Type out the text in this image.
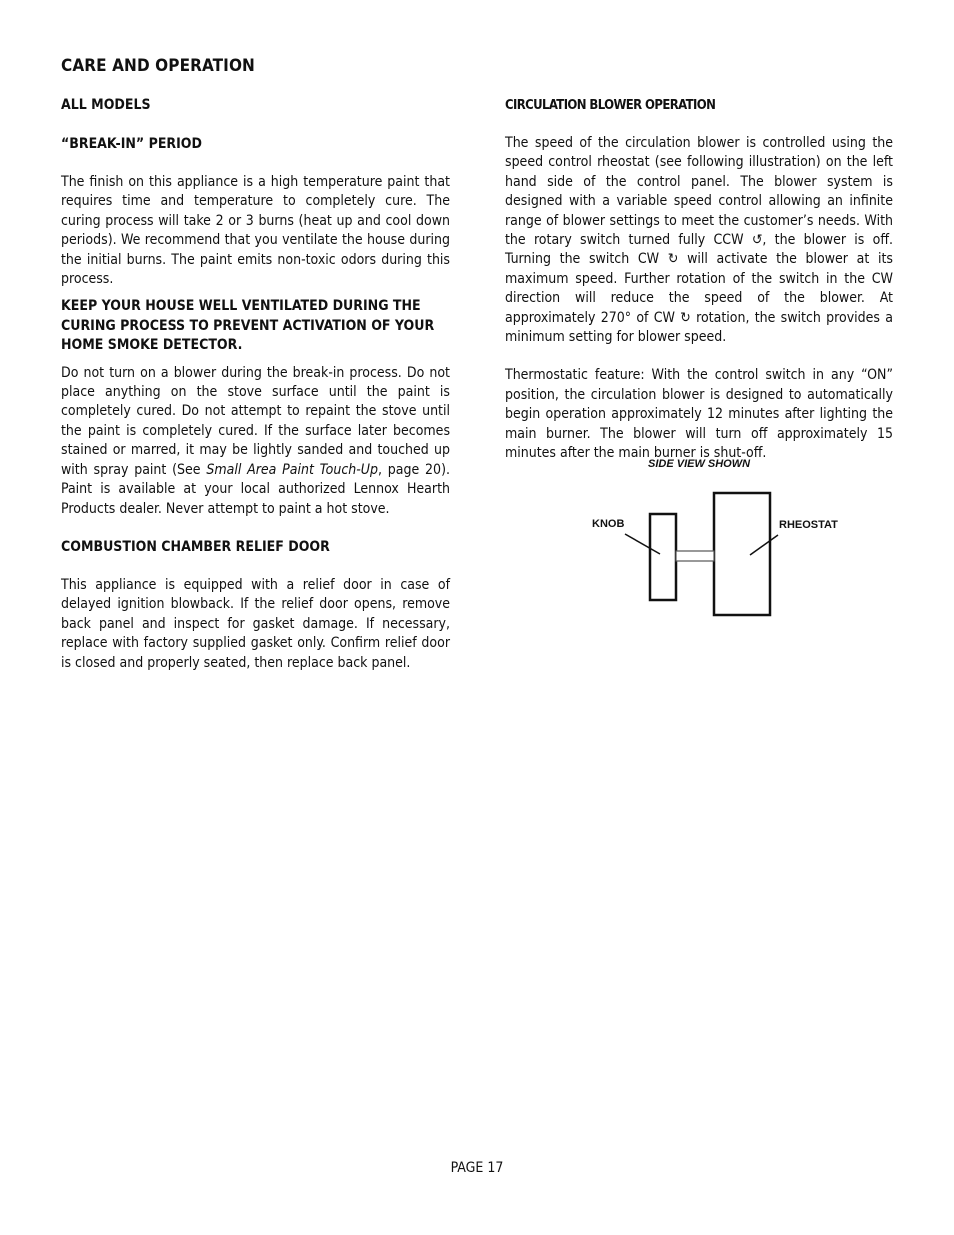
CARE AND OPERATION

ALL MODELS

“BREAK-IN” PERIOD

The finish on this appliance is a high temperature paint that requires time and temperature to completely cure. The curing process will take 2 or 3 burns (heat up and cool down periods). We recommend that you ventilate the house during the initial burns. The paint emits non-toxic odors during this process.

KEEP YOUR HOUSE WELL VENTILATED DURING THE CURING PROCESS TO PREVENT ACTIVATION OF YOUR HOME SMOKE DETECTOR.

Do not turn on a blower during the break-in process. Do not place anything on the stove surface until the paint is completely cured. Do not attempt to repaint the stove until the paint is completely cured. If the surface later becomes stained or marred, it may be lightly sanded and touched up with spray paint (See Small Area Paint Touch-Up, page 20). Paint is available at your local authorized Lennox Hearth Products dealer. Never attempt to paint a hot stove.

COMBUSTION CHAMBER RELIEF DOOR

This appliance is equipped with a relief door in case of delayed ignition blowback. If the relief door opens, remove back panel and inspect for gasket damage. If necessary, replace with factory supplied gasket only. Confirm relief door is closed and properly seated, then replace back panel.

CIRCULATION BLOWER OPERATION

The speed of the circulation blower is controlled using the speed control rheostat (see following illustration) on the left hand side of the control panel. The blower system is designed with a variable speed control allowing an infinite range of blower settings to meet the customer’s needs. With the rotary switch turned fully CCW ↺, the blower is off. Turning the switch CW ↻ will activate the blower at its maximum speed. Further rotation of the switch in the CW direction will reduce the speed of the blower. At approximately 270° of CW ↻ rotation, the switch provides a minimum setting for blower speed.

Thermostatic feature: With the control switch in any “ON” position, the circulation blower is designed to automatically begin operation approximately 12 minutes after lighting the main burner. The blower will turn off approximately 15 minutes after the main burner is shut-off.

SIDE VIEW SHOWN
KNOB	RHEOSTAT
PAGE 17
